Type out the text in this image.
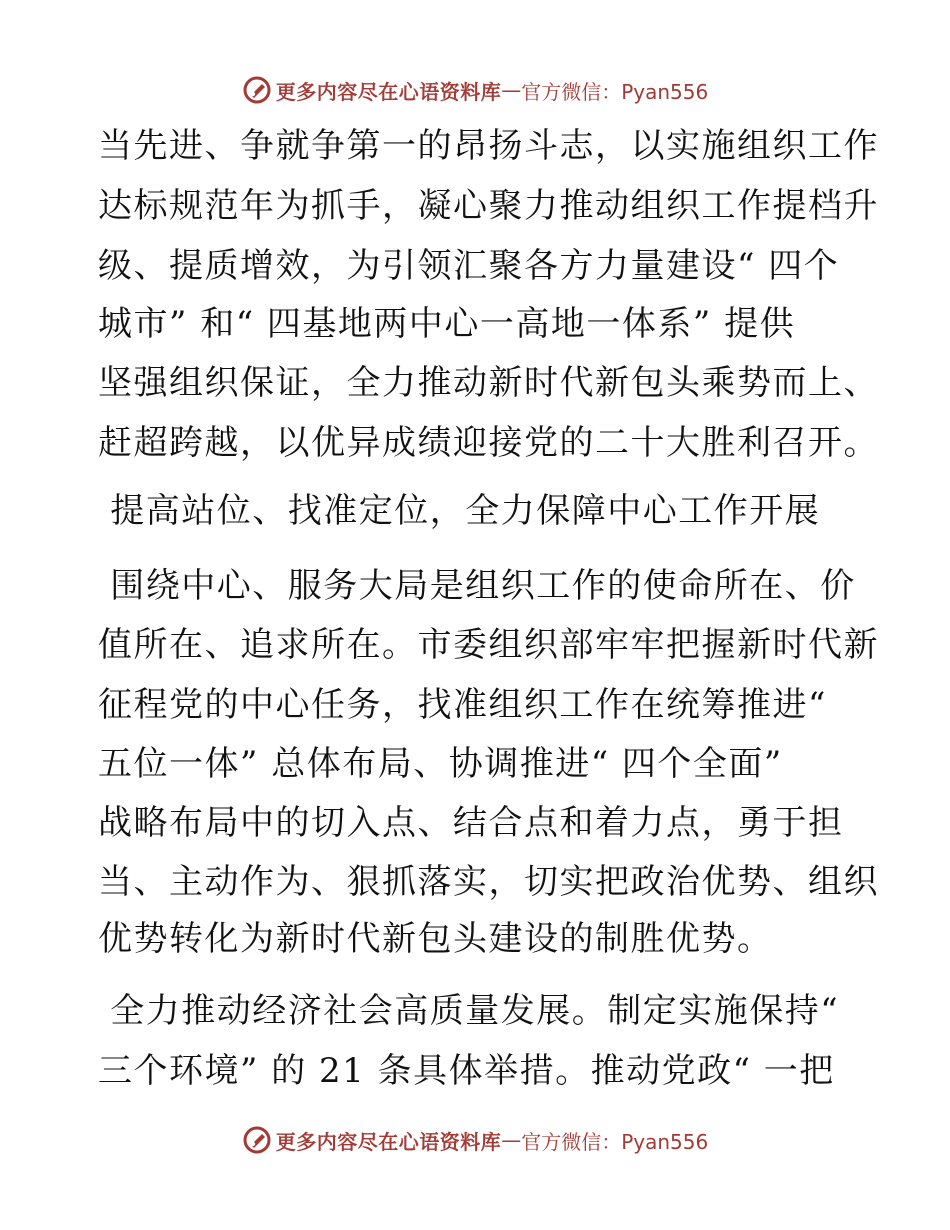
更多内容尽在心语资料库 — 官方微信：Pyan556
当先进、争就争第一的昂扬斗志，以实施组织工作
达标规范年为抓手，凝心聚力推动组织工作提档升
级、提质增效，为引领汇聚各方力量建设“ 四个
城市” 和“ 四基地两中心一高地一体系” 提供
坚强组织保证，全力推动新时代新包头乘势而上、
赶超跨越，以优异成绩迎接党的二十大胜利召开。
提高站位、找准定位，全力保障中心工作开展
围绕中心、服务大局是组织工作的使命所在、价
值所在、追求所在。市委组织部牢牢把握新时代新
征程党的中心任务，找准组织工作在统筹推进“
五位一体” 总体布局、协调推进“ 四个全面”
战略布局中的切入点、结合点和着力点，勇于担
当、主动作为、狠抓落实，切实把政治优势、组织
优势转化为新时代新包头建设的制胜优势。
全力推动经济社会高质量发展。制定实施保持“
三个环境” 的 21 条具体举措。推动党政“ 一把
更多内容尽在心语资料库 — 官方微信：Pyan556
